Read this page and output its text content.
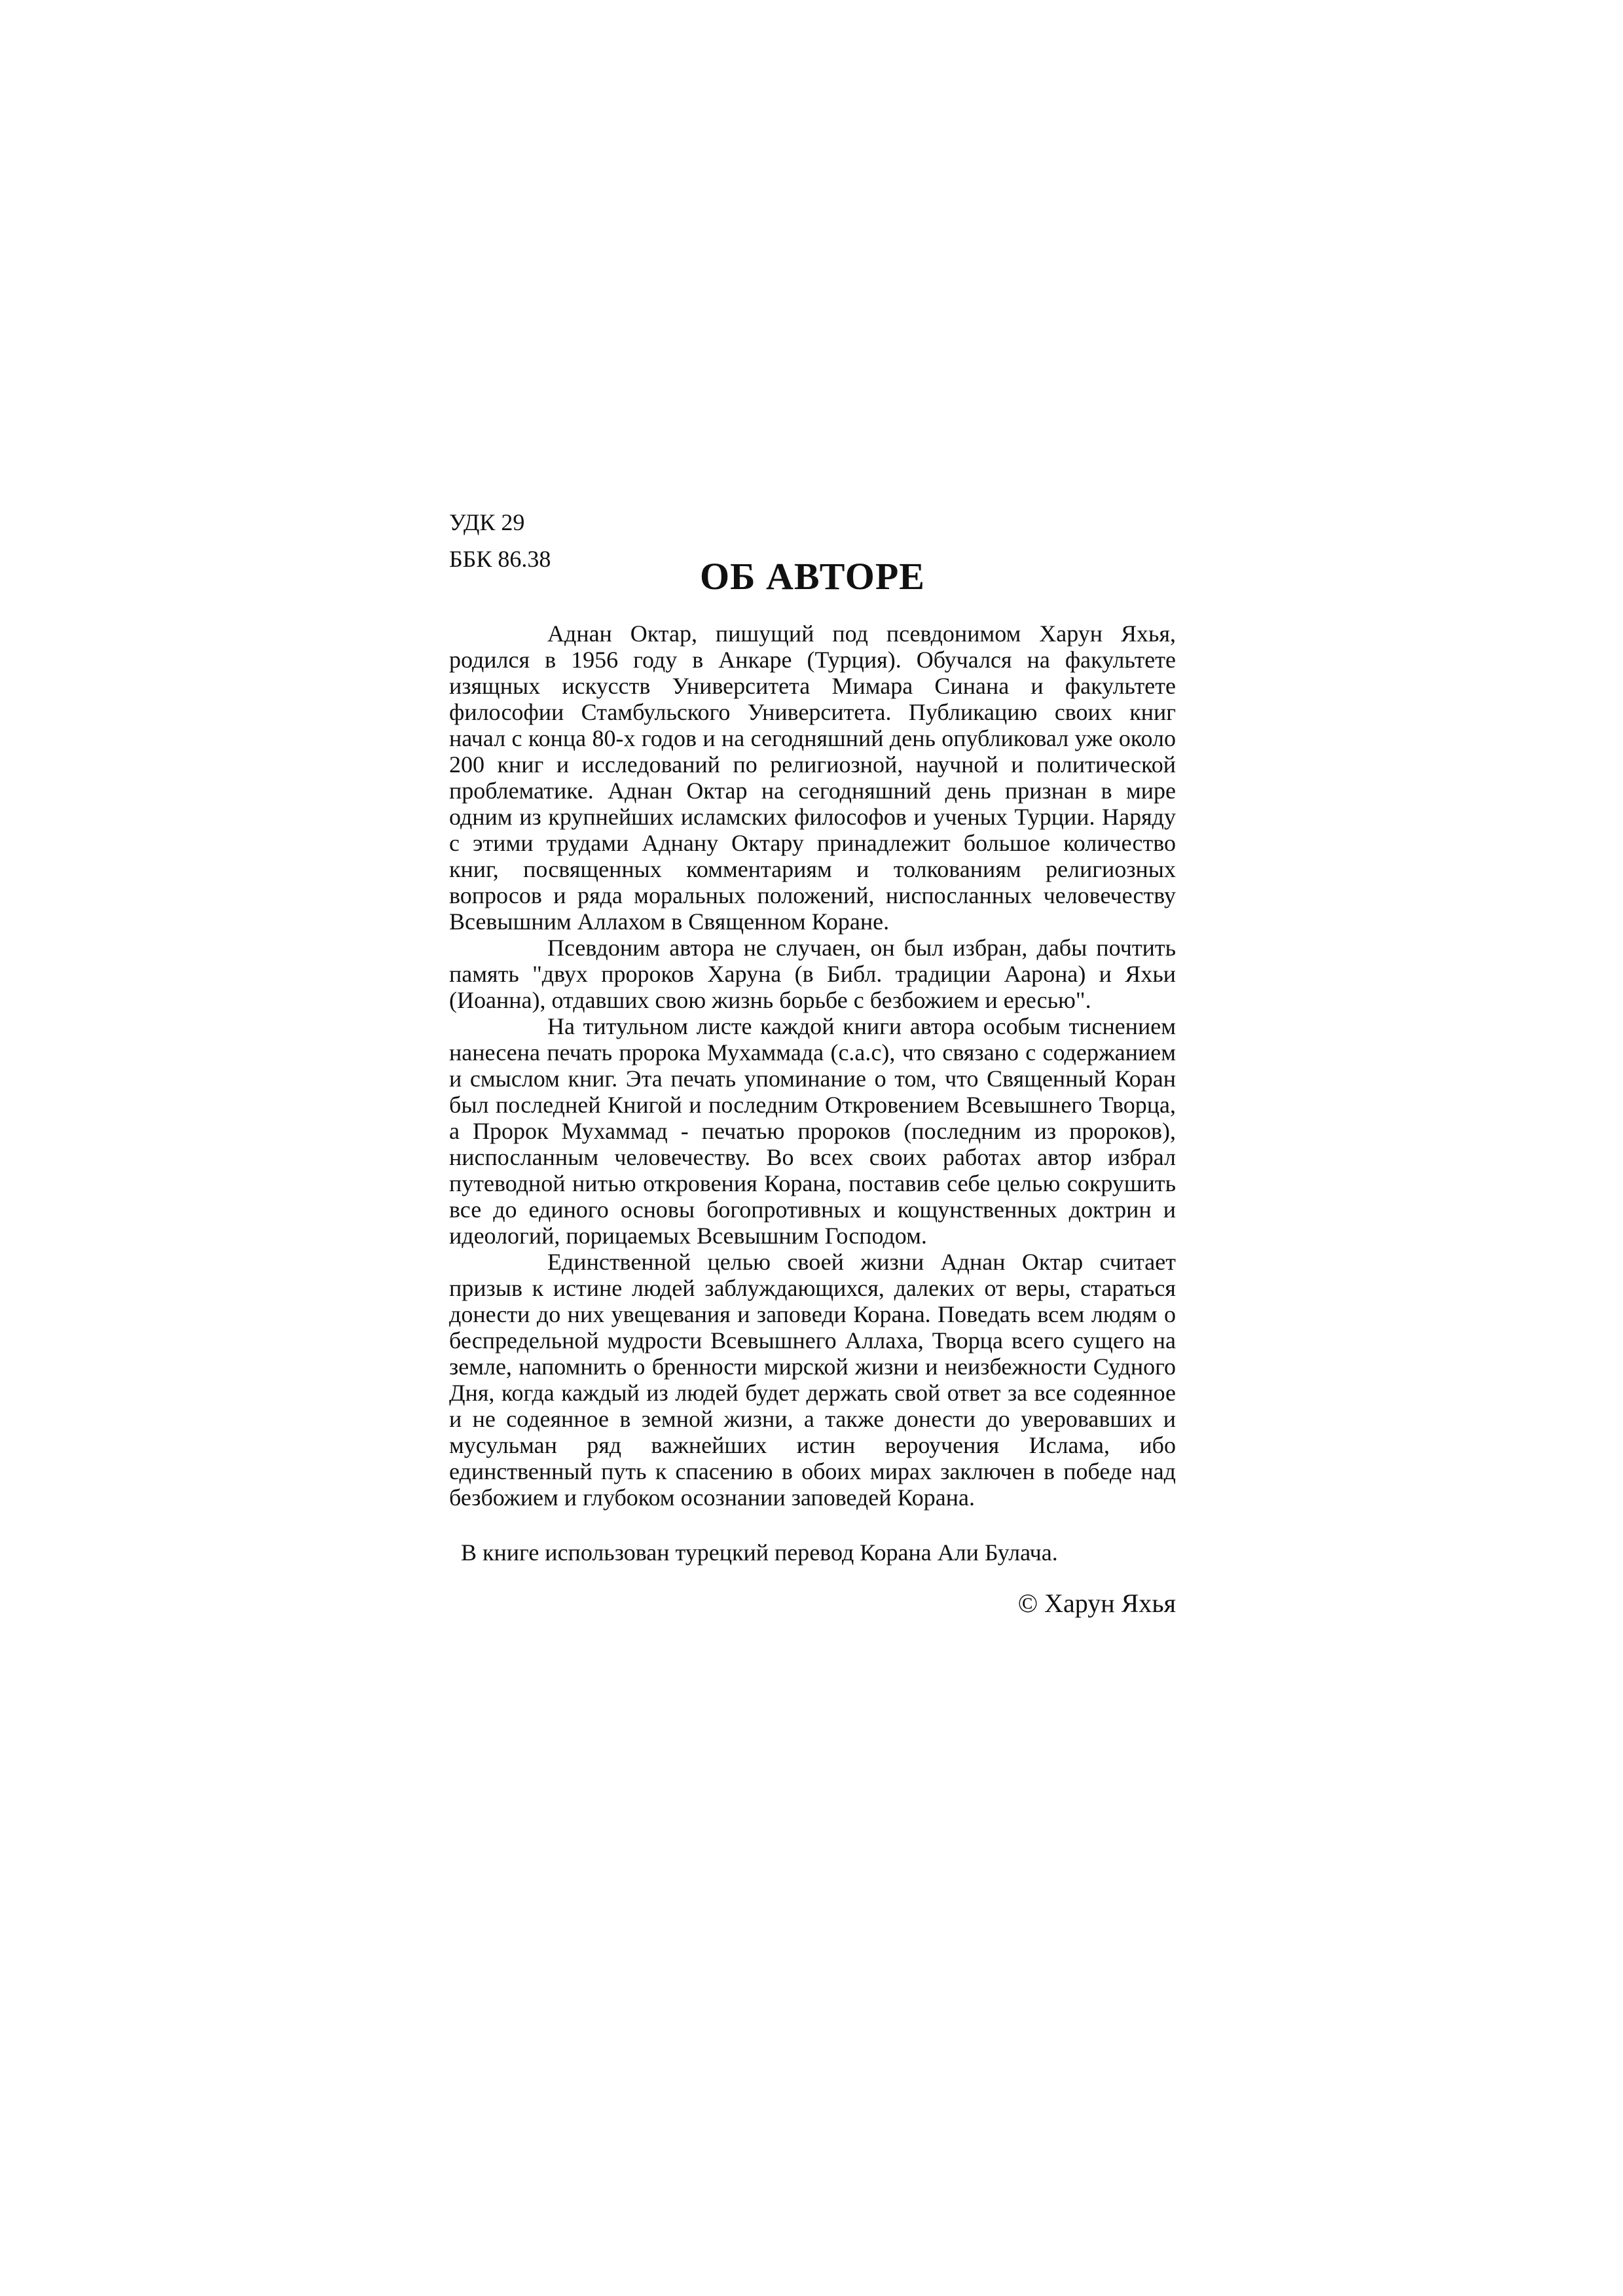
УДК 29
ББК 86.38	ОБ АВТОРЕ

Аднан Октар, пишущий под псевдонимом Харун Яхья, родился в 1956 году в Анкаре (Турция). Обучался на факультете изящных искусств Университета Мимара Синана и факультете философии Стамбульского Университета. Публикацию своих книг начал с конца 80-х годов и на сегодняшний день опубликовал уже около 200 книг и исследований по религиозной, научной и политической проблематике. Аднан Октар на сегодняшний день признан в мире одним из крупнейших исламских философов и ученых Турции. Наряду с этими трудами Аднану Октару принадлежит большое количество книг, посвященных комментариям и толкованиям религиозных вопросов и ряда моральных положений, ниспосланных человечеству Всевышним Аллахом в Священном Коране.

Псевдоним автора не случаен, он был избран, дабы почтить память "двух пророков Харуна (в Библ. традиции Аарона) и Яхьи (Иоанна), отдавших свою жизнь борьбе с безбожием и ересью".

На титульном листе каждой книги автора особым тиснением нанесена печать пророка Мухаммада (с.а.с), что связано с содержанием и смыслом книг. Эта печать упоминание о том, что Священный Коран был последней Книгой и последним Откровением Всевышнего Творца, а Пророк Мухаммад - печатью пророков (последним из пророков), ниспосланным человечеству. Во всех своих работах автор избрал путеводной нитью откровения Корана, поставив себе целью сокрушить все до единого основы богопротивных и кощунственных доктрин и идеологий, порицаемых Всевышним Господом.

Единственной целью своей жизни Аднан Октар считает призыв к истине людей заблуждающихся, далеких от веры, стараться донести до них увещевания и заповеди Корана. Поведать всем людям о беспредельной мудрости Всевышнего Аллаха, Творца всего сущего на земле, напомнить о бренности мирской жизни и неизбежности Судного Дня, когда каждый из людей будет держать свой ответ за все содеянное и не содеянное в земной жизни, а также донести до уверовавших и мусульман ряд важнейших истин вероучения Ислама, ибо единственный путь к спасению в обоих мирах заключен в победе над безбожием и глубоком осознании заповедей Корана.

В книге использован турецкий перевод Корана Али Булача.
© Харун Яхья
